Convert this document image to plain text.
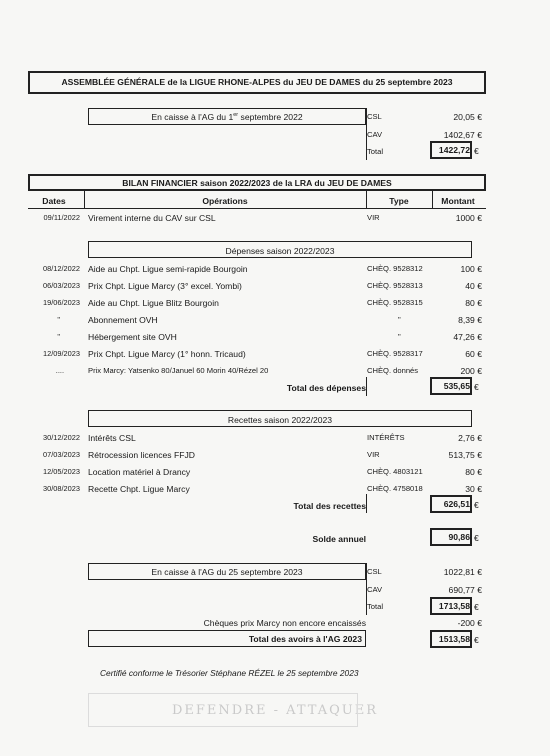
DEFENDRE - ATTAQUER
ASSEMBLÉE GÉNÉRALE de la LIGUE RHONE-ALPES du JEU DE DAMES du 25 septembre 2023
En caisse à l'AG du 1er septembre 2022	CSL	20,05 €
CAV	1402,67 €
Total	1422,72 €
BILAN FINANCIER saison 2022/2023 de la LRA du JEU DE DAMES
Dates	Opérations	Type	Montant
09/11/2022 Virement interne du CAV sur CSL	VIR	1000 €
Dépenses saison 2022/2023
08/12/2022 Aide au Chpt. Ligue semi-rapide Bourgoin	CHÈQ. 9528312	100 €
06/03/2023 Prix Chpt. Ligue Marcy (3° excel. Yombi)	CHÈQ. 9528313	40 €
19/06/2023 Aide au Chpt. Ligue Blitz Bourgoin	CHÈQ. 9528315	80 €
"	Abonnement OVH	"	8,39 €
"	Hébergement site OVH	"	47,26 €
12/09/2023 Prix Chpt. Ligue Marcy (1° honn. Tricaud)	CHÈQ. 9528317	60 €
....	Prix Marcy: Yatsenko 80/Januel 60 Morin 40/Rézel 20	CHÈQ. donnés	200 €
Total des dépenses	535,65 €
Recettes saison 2022/2023
30/12/2022 Intérêts CSL	INTÉRÊTS	2,76 €
07/03/2023 Rétrocession licences FFJD	VIR	513,75 €
12/05/2023 Location matériel à Drancy	CHÈQ. 4803121	80 €
30/08/2023 Recette Chpt. Ligue Marcy	CHÈQ. 4758018	30 €
Total des recettes	626,51 €
Solde annuel	90,86 €
En caisse à l'AG du 25 septembre 2023	CSL	1022,81 €
CAV	690,77 €
Total	1713,58 €
Chèques prix Marcy non encore encaissés	-200 €
Total des avoirs à l'AG 2023	1513,58 €
Certifié conforme le Trésorier Stéphane RÉZEL le 25 septembre 2023
